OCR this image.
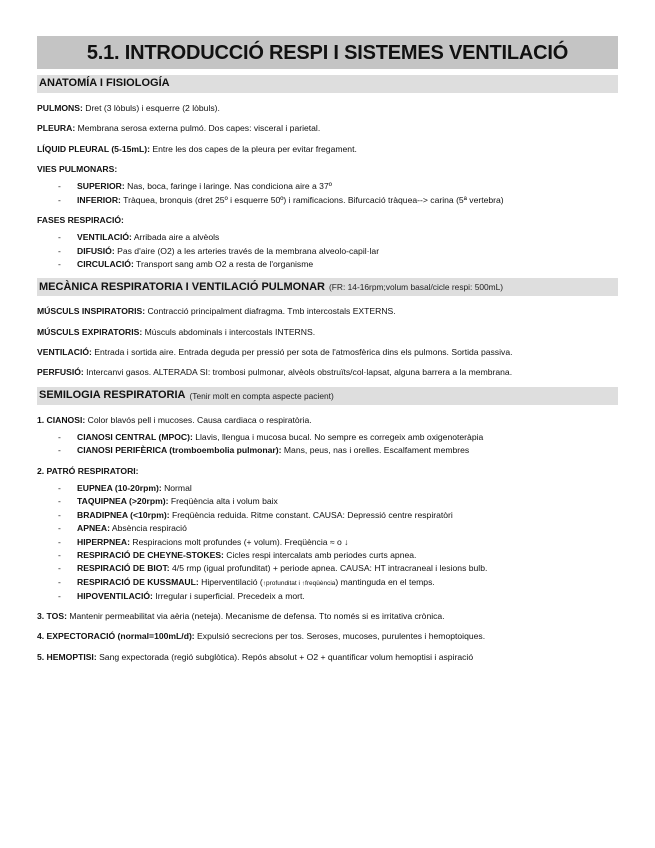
5.1. INTRODUCCIÓ RESPI I SISTEMES VENTILACIÓ
ANATOMÍA I FISIOLOGÍA

PULMONS: Dret (3 lòbuls) i esquerre (2 lòbuls).

PLEURA: Membrana serosa externa pulmó. Dos capes: visceral i parietal.

LÍQUID PLEURAL (5-15mL): Entre les dos capes de la pleura per evitar fregament.

VIES PULMONARS:

- SUPERIOR: Nas, boca, faringe i laringe. Nas condiciona aire a 37º
- INFERIOR: Tràquea, bronquis (dret 25º i esquerre 50º) i ramificacions. Bifurcació tràquea--> carina (5ª vertebra)

FASES RESPIRACIÓ:

- VENTILACIÓ: Arribada aire a alvèols
- DIFUSIÓ: Pas d'aire (O2) a les arteries través de la membrana alveolo-capil·lar
- CIRCULACIÓ: Transport sang amb O2 a resta de l'organisme
MECÀNICA RESPIRATORIA I VENTILACIÓ PULMONAR (FR: 14-16rpm;volum basal/cicle respi: 500mL)

MÚSCULS INSPIRATORIS: Contracció principalment diafragma. Tmb intercostals EXTERNS.

MÚSCULS EXPIRATORIS: Músculs abdominals i intercostals INTERNS.

VENTILACIÓ: Entrada i sortida aire. Entrada deguda per pressió per sota de l'atmosfèrica dins els pulmons. Sortida passiva.

PERFUSIÓ: Intercanvi gasos. ALTERADA SI: trombosi pulmonar, alvèols obstruïts/col·lapsat, alguna barrera a la membrana.

SEMILOGIA RESPIRATORIA (Tenir molt en compta aspecte pacient)

1. CIANOSI: Color blavós pell i mucoses. Causa cardiaca o respiratòria.

- CIANOSI CENTRAL (MPOC): Llavis, llengua i mucosa bucal. No sempre es corregeix amb oxigenoteràpia
- CIANOSI PERIFÈRICA (tromboembolia pulmonar): Mans, peus, nas i orelles. Escalfament membres

2. PATRÓ RESPIRATORI:

- EUPNEA (10-20rpm): Normal
- TAQUIPNEA (>20rpm): Freqüència alta i volum baix
- BRADIPNEA (<10rpm): Freqüència reduida. Ritme constant. CAUSA: Depressió centre respiratòri
- APNEA: Absència respiració
- HIPERPNEA: Respiracions molt profundes (+ volum). Freqüència ≈ o ↓
- RESPIRACIÓ DE CHEYNE-STOKES: Cicles respi intercalats amb periodes curts apnea.
- RESPIRACIÓ DE BIOT: 4/5 rmp (igual profunditat) + periode apnea. CAUSA: HT intracraneal i lesions bulb.
- RESPIRACIÓ DE KUSSMAUL: Hiperventilació (↑profunditat i ↑freqüència) mantinguda en el temps.
- HIPOVENTILACIÓ: Irregular i superficial. Precedeix a mort.

3. TOS: Mantenir permeabilitat via aèria (neteja). Mecanisme de defensa. Tto només si es irritativa crònica.

4. EXPECTORACIÓ (normal=100mL/d): Expulsió secrecions per tos. Seroses, mucoses, purulentes i hemoptoiques.

5. HEMOPTISI: Sang expectorada (regió subglòtica). Repós absolut + O2 + quantificar volum hemoptisi i aspiració
